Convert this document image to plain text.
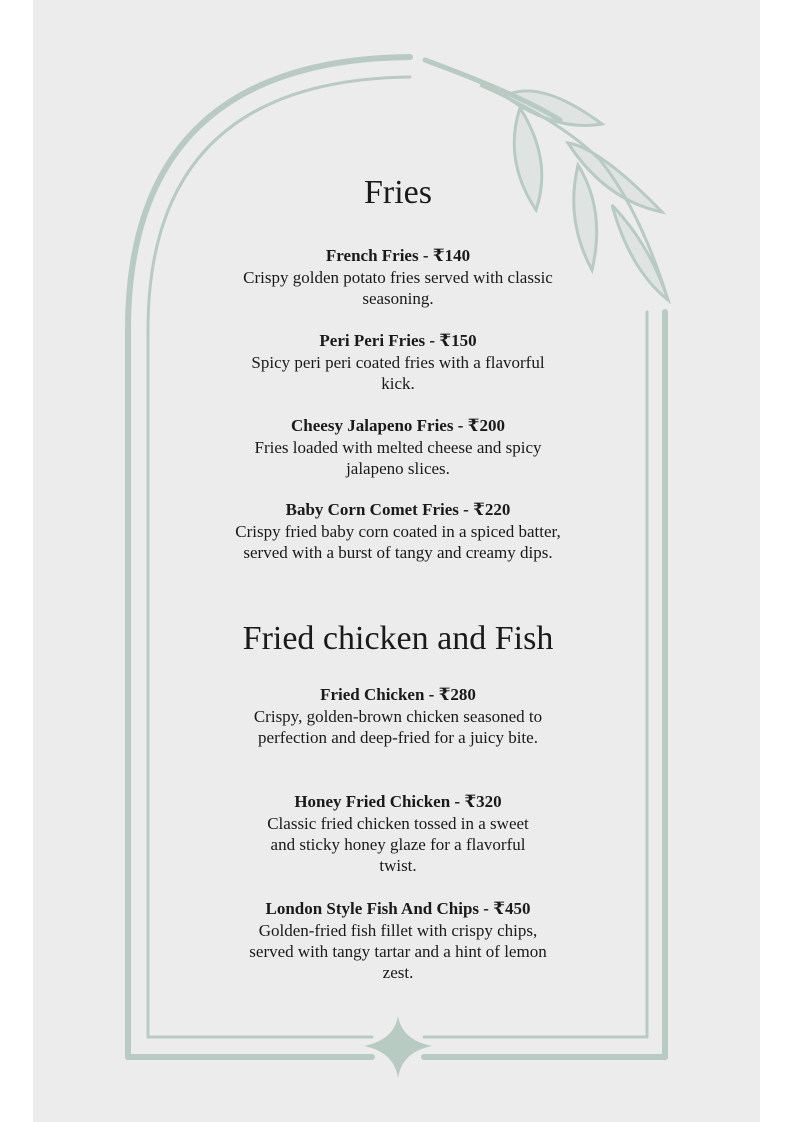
Fries
French Fries - ₹140
Crispy golden potato fries served with classic seasoning.
Peri Peri Fries - ₹150
Spicy peri peri coated fries with a flavorful kick.
Cheesy Jalapeno Fries - ₹200
Fries loaded with melted cheese and spicy jalapeno slices.
Baby Corn Comet Fries - ₹220
Crispy fried baby corn coated in a spiced batter, served with a burst of tangy and creamy dips.
Fried chicken and Fish
Fried Chicken - ₹280
Crispy, golden-brown chicken seasoned to perfection and deep-fried for a juicy bite.
Honey Fried Chicken - ₹320
Classic fried chicken tossed in a sweet and sticky honey glaze for a flavorful twist.
London Style Fish And Chips - ₹450
Golden-fried fish fillet with crispy chips, served with tangy tartar and a hint of lemon zest.
